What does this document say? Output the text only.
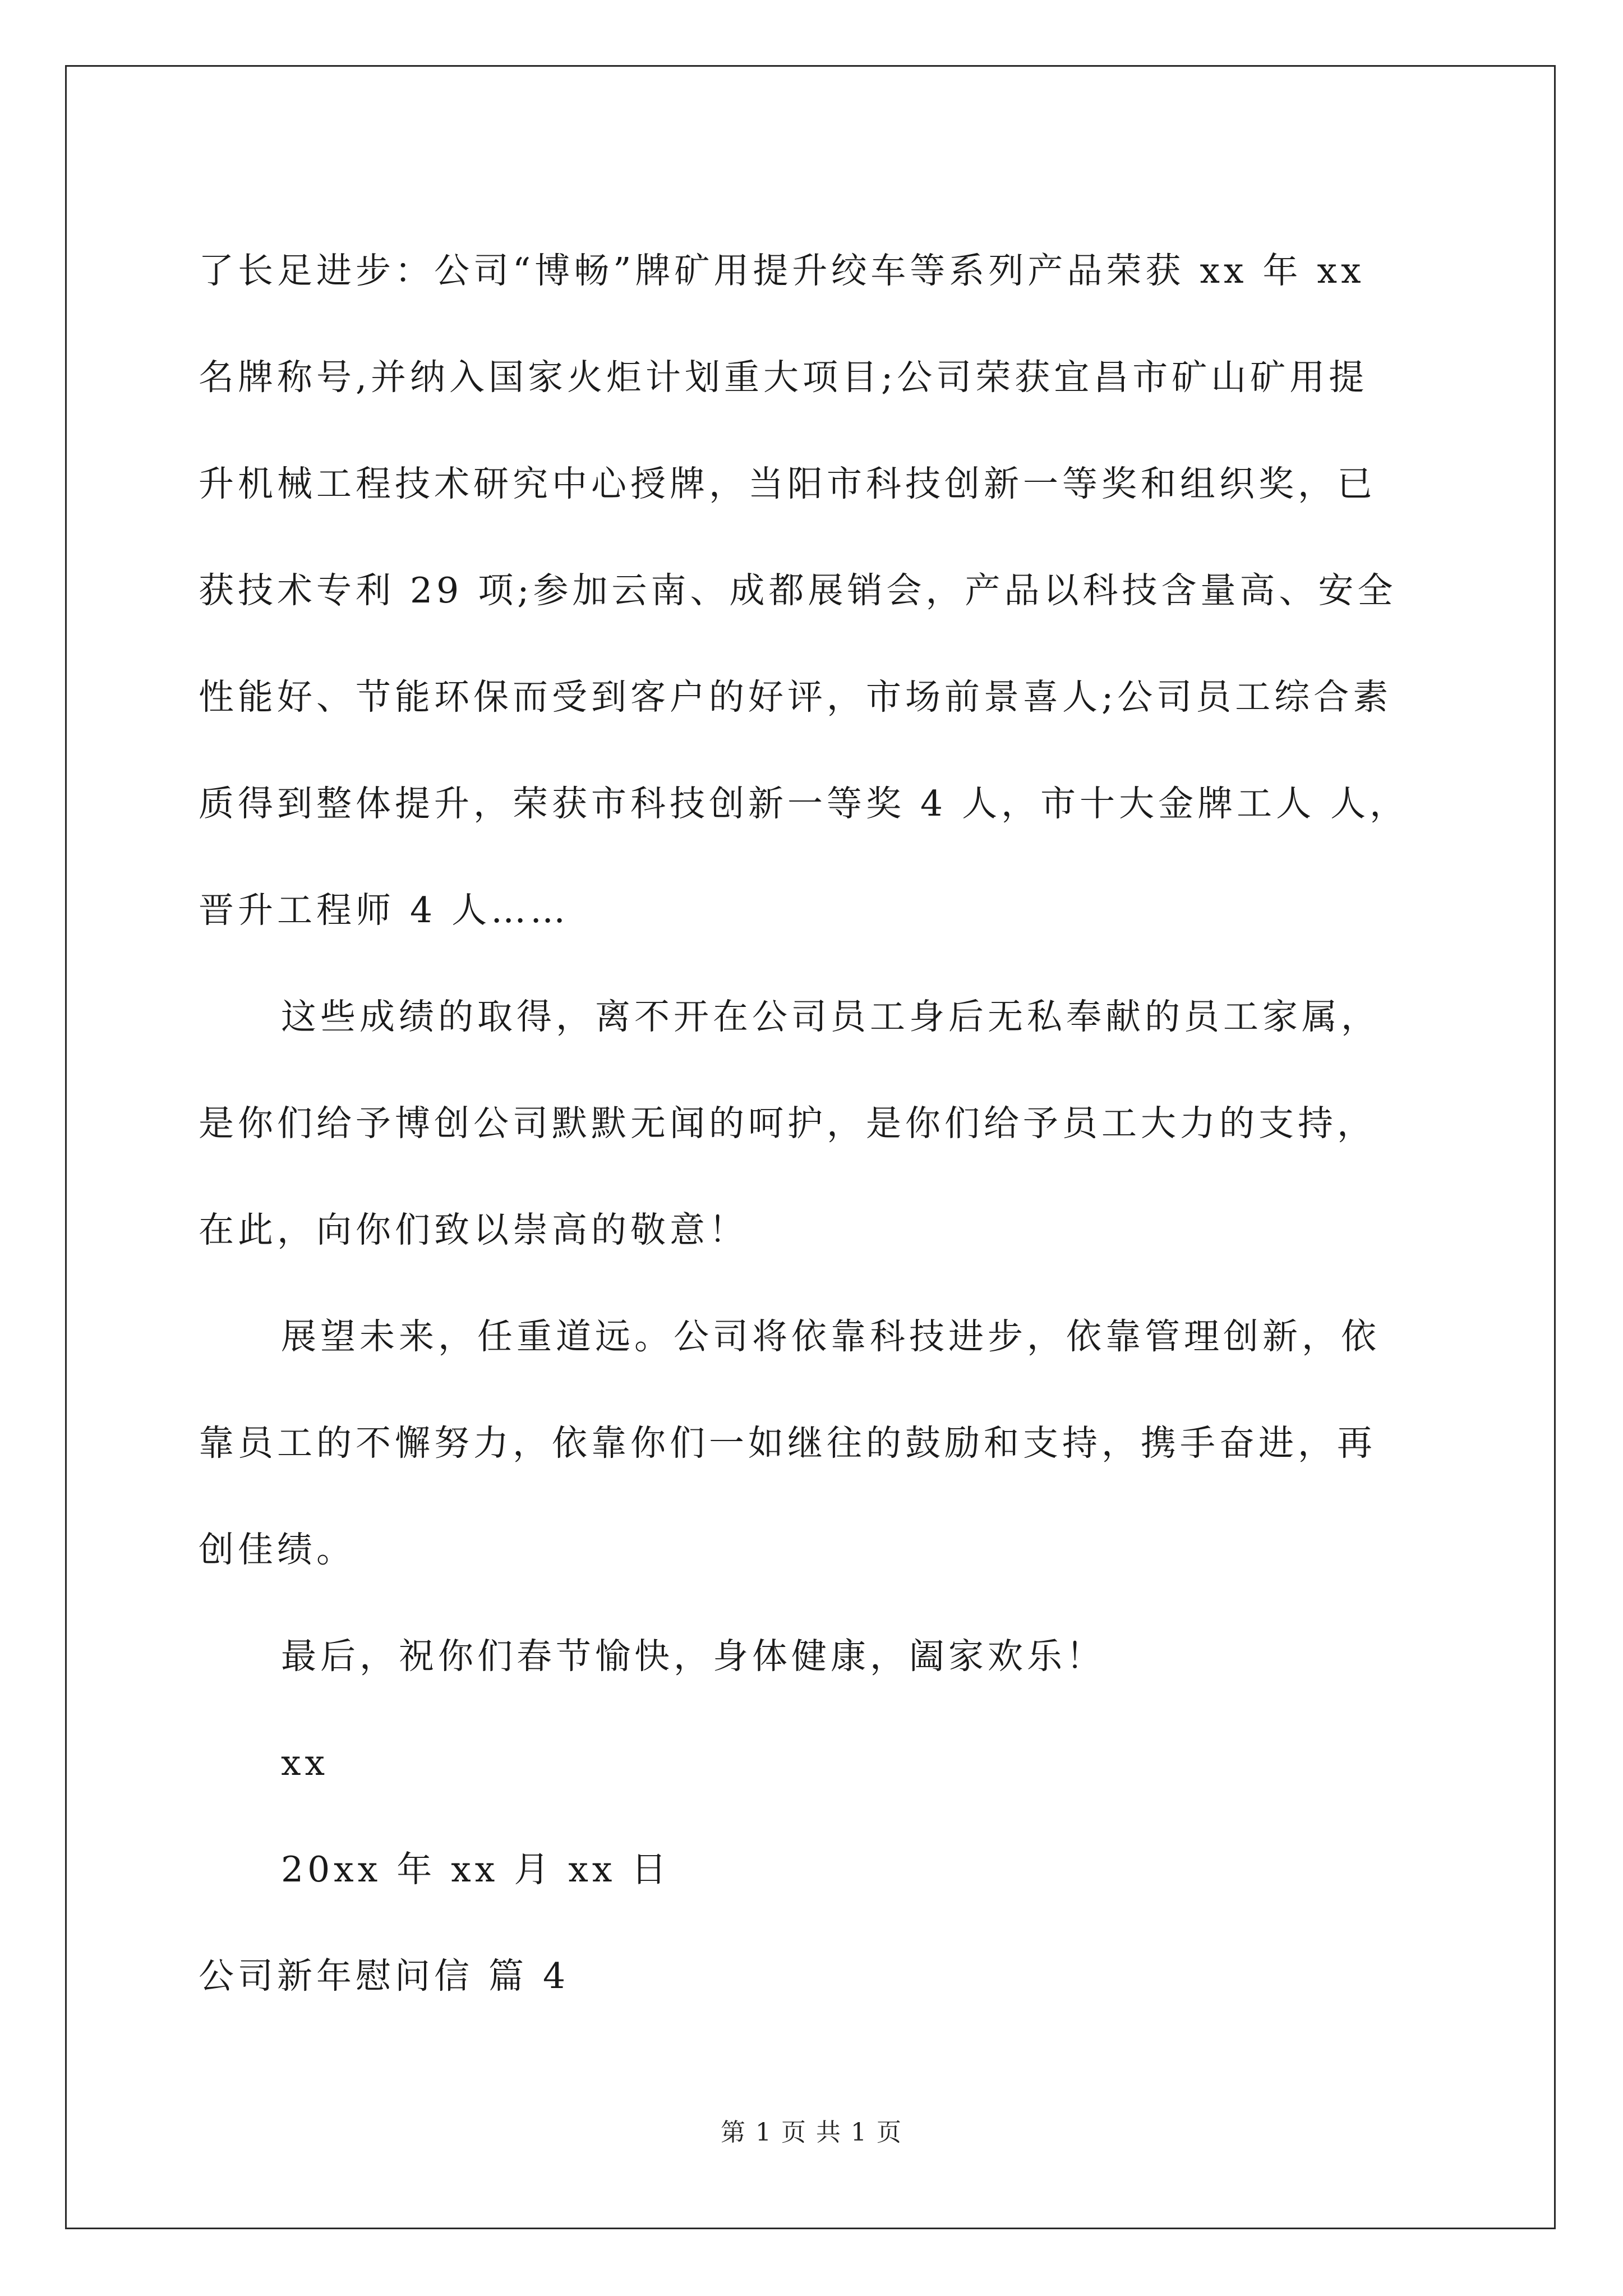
了长足进步：公司“博畅”牌矿用提升绞车等系列产品荣获 xx 年 xx
名牌称号,并纳入国家火炬计划重大项目;公司荣获宜昌市矿山矿用提
升机械工程技术研究中心授牌，当阳市科技创新一等奖和组织奖，已
获技术专利 29 项;参加云南、成都展销会，产品以科技含量高、安全
性能好、节能环保而受到客户的好评，市场前景喜人;公司员工综合素
质得到整体提升，荣获市科技创新一等奖 4 人，市十大金牌工人 人，
晋升工程师 4 人……
这些成绩的取得，离不开在公司员工身后无私奉献的员工家属，
是你们给予博创公司默默无闻的呵护，是你们给予员工大力的支持，
在此，向你们致以崇高的敬意！
展望未来，任重道远。公司将依靠科技进步，依靠管理创新，依
靠员工的不懈努力，依靠你们一如继往的鼓励和支持，携手奋进，再
创佳绩。
最后，祝你们春节愉快，身体健康，阖家欢乐！
xx
20xx 年 xx 月 xx 日
公司新年慰问信 篇 4
第 1 页 共 1 页
